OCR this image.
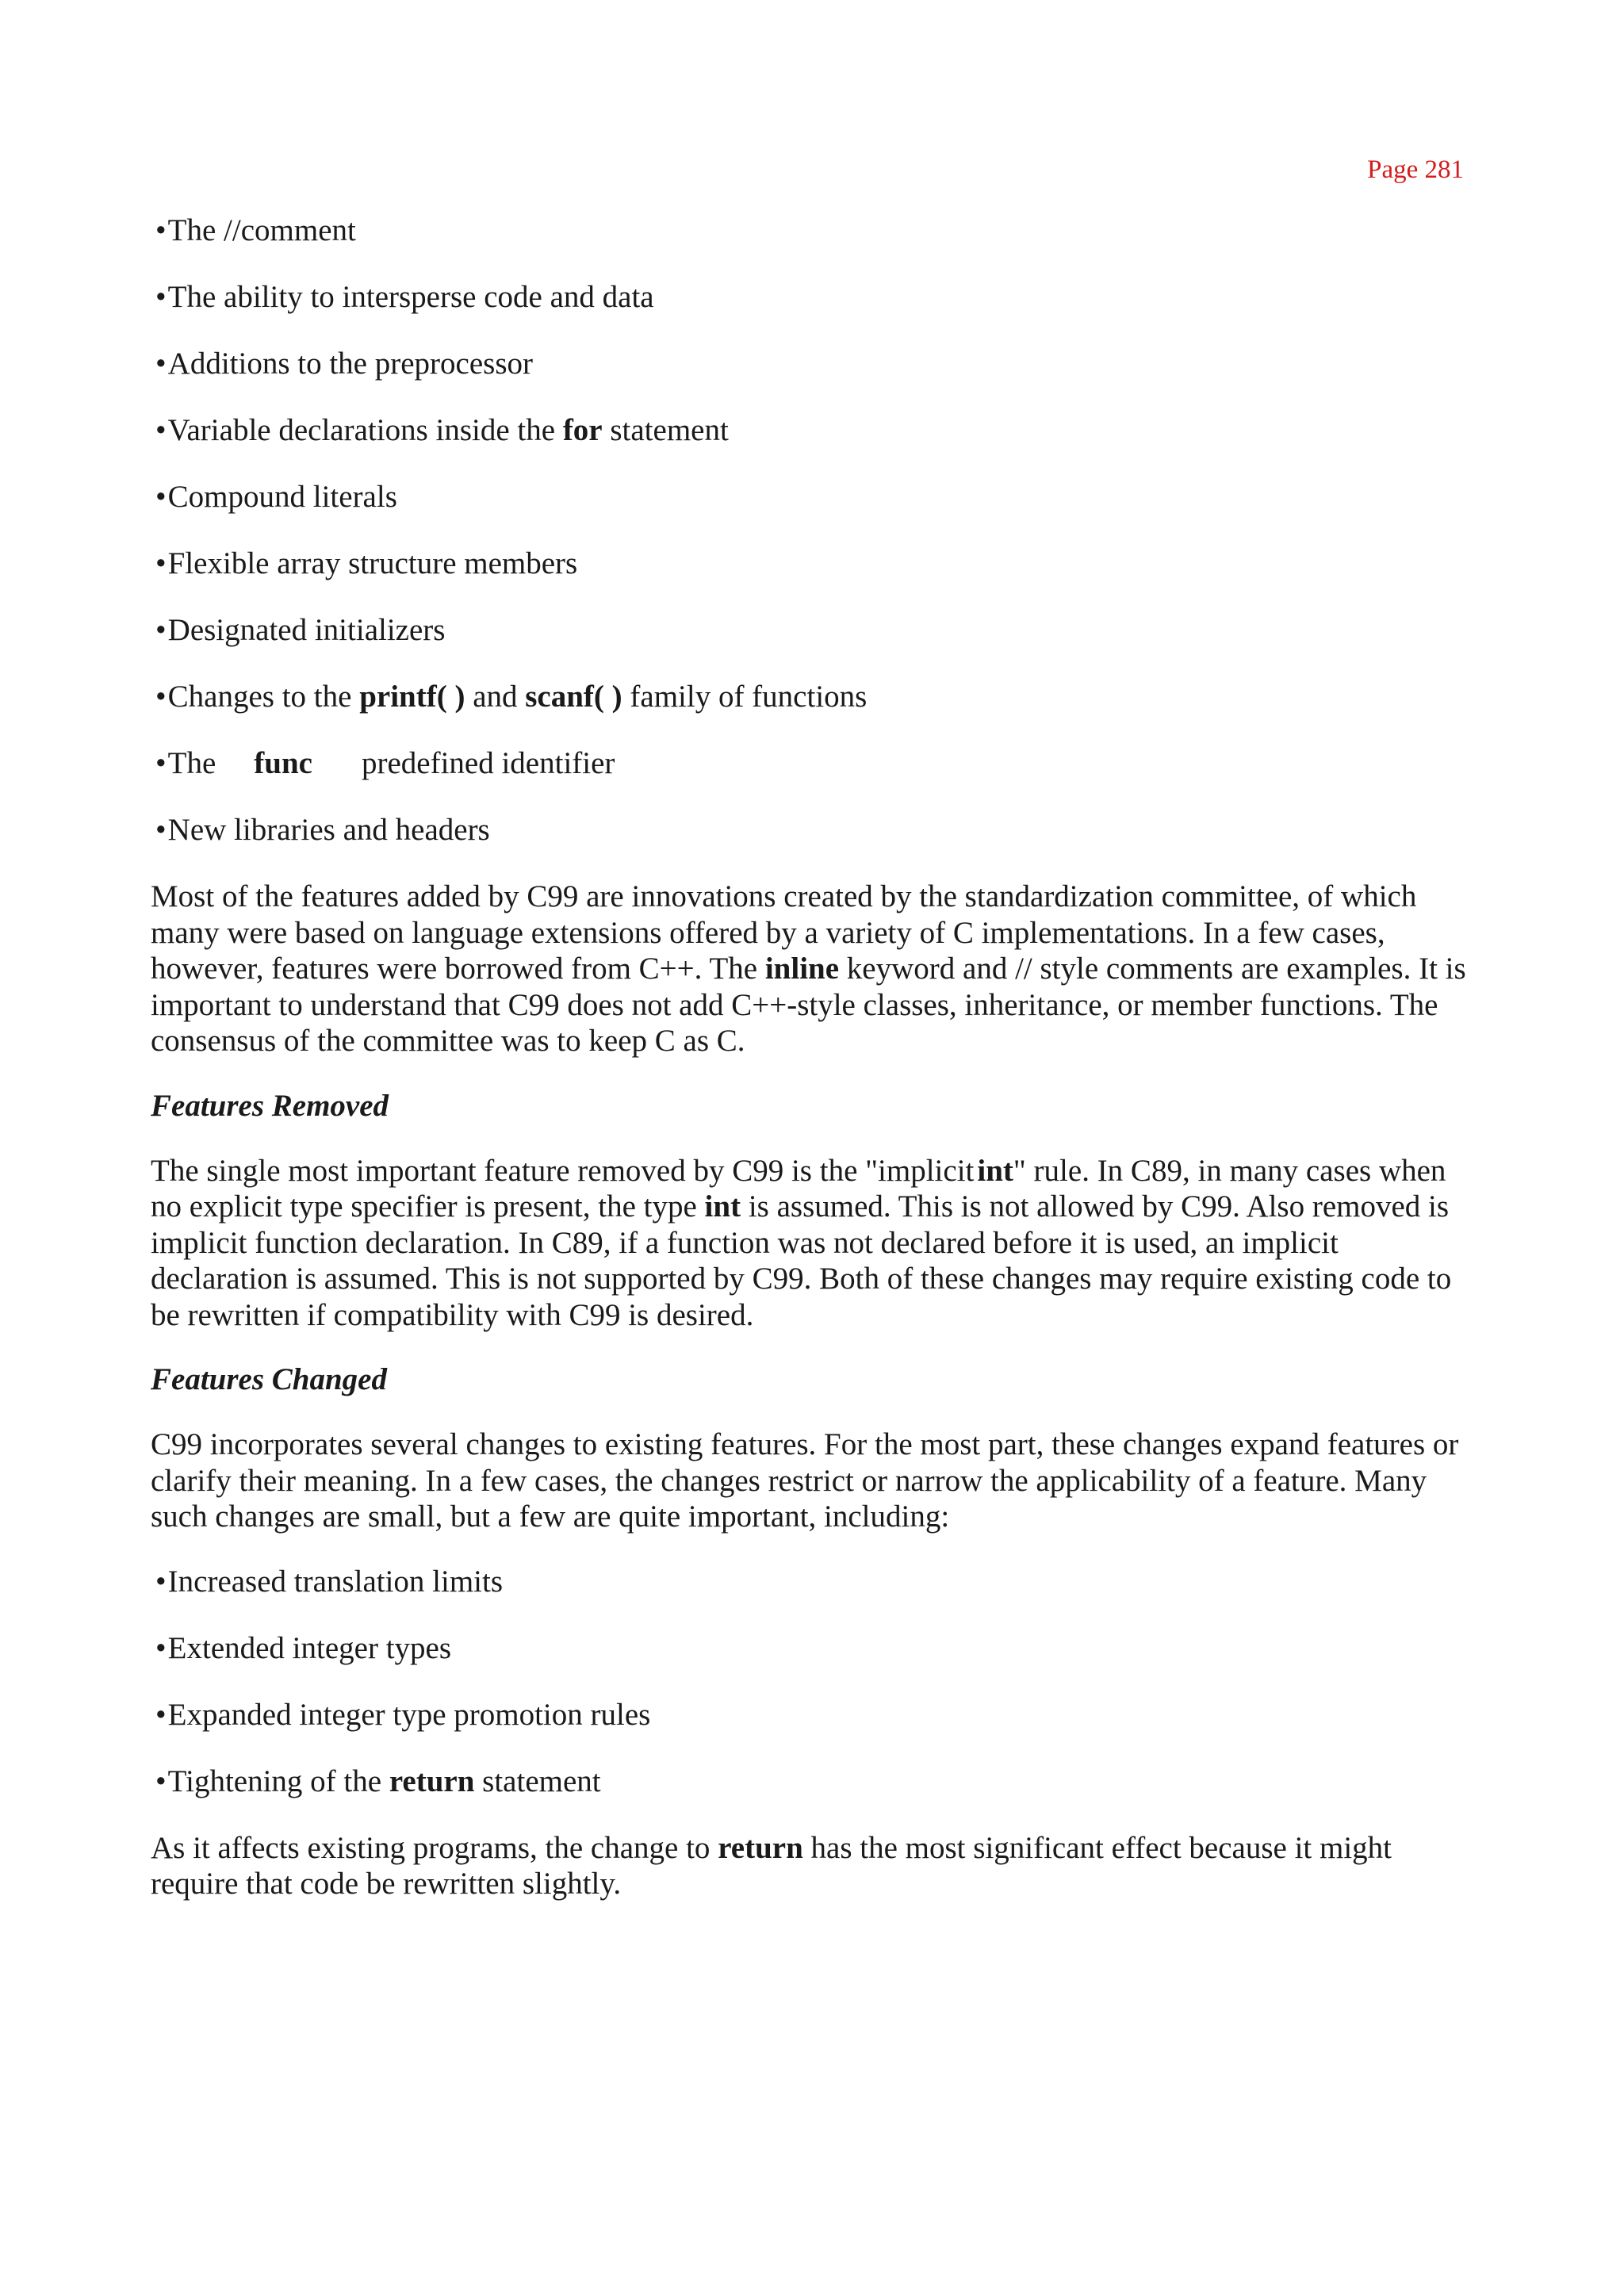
Page 281
•The //comment
•The ability to intersperse code and data
•Additions to the preprocessor
•Variable declarations inside the for statement
•Compound literals
•Flexible array structure members
•Designated initializers
•Changes to the printf( ) and scanf( ) family of functions
•The func predefined identifier
•New libraries and headers

Most of the features added by C99 are innovations created by the standardization committee, of which many were based on language extensions offered by a variety of C implementations. In a few cases, however, features were borrowed from C++. The inline keyword and // style comments are examples. It is important to understand that C99 does not add C++-style classes, inheritance, or member functions. The consensus of the committee was to keep C as C.

Features Removed

The single most important feature removed by C99 is the "implicit int" rule. In C89, in many cases when no explicit type specifier is present, the type int is assumed. This is not allowed by C99. Also removed is implicit function declaration. In C89, if a function was not declared before it is used, an implicit declaration is assumed. This is not supported by C99. Both of these changes may require existing code to be rewritten if compatibility with C99 is desired.

Features Changed

C99 incorporates several changes to existing features. For the most part, these changes expand features or clarify their meaning. In a few cases, the changes restrict or narrow the applicability of a feature. Many such changes are small, but a few are quite important, including:

•Increased translation limits
•Extended integer types
•Expanded integer type promotion rules
•Tightening of the return statement

As it affects existing programs, the change to return has the most significant effect because it might require that code be rewritten slightly.
